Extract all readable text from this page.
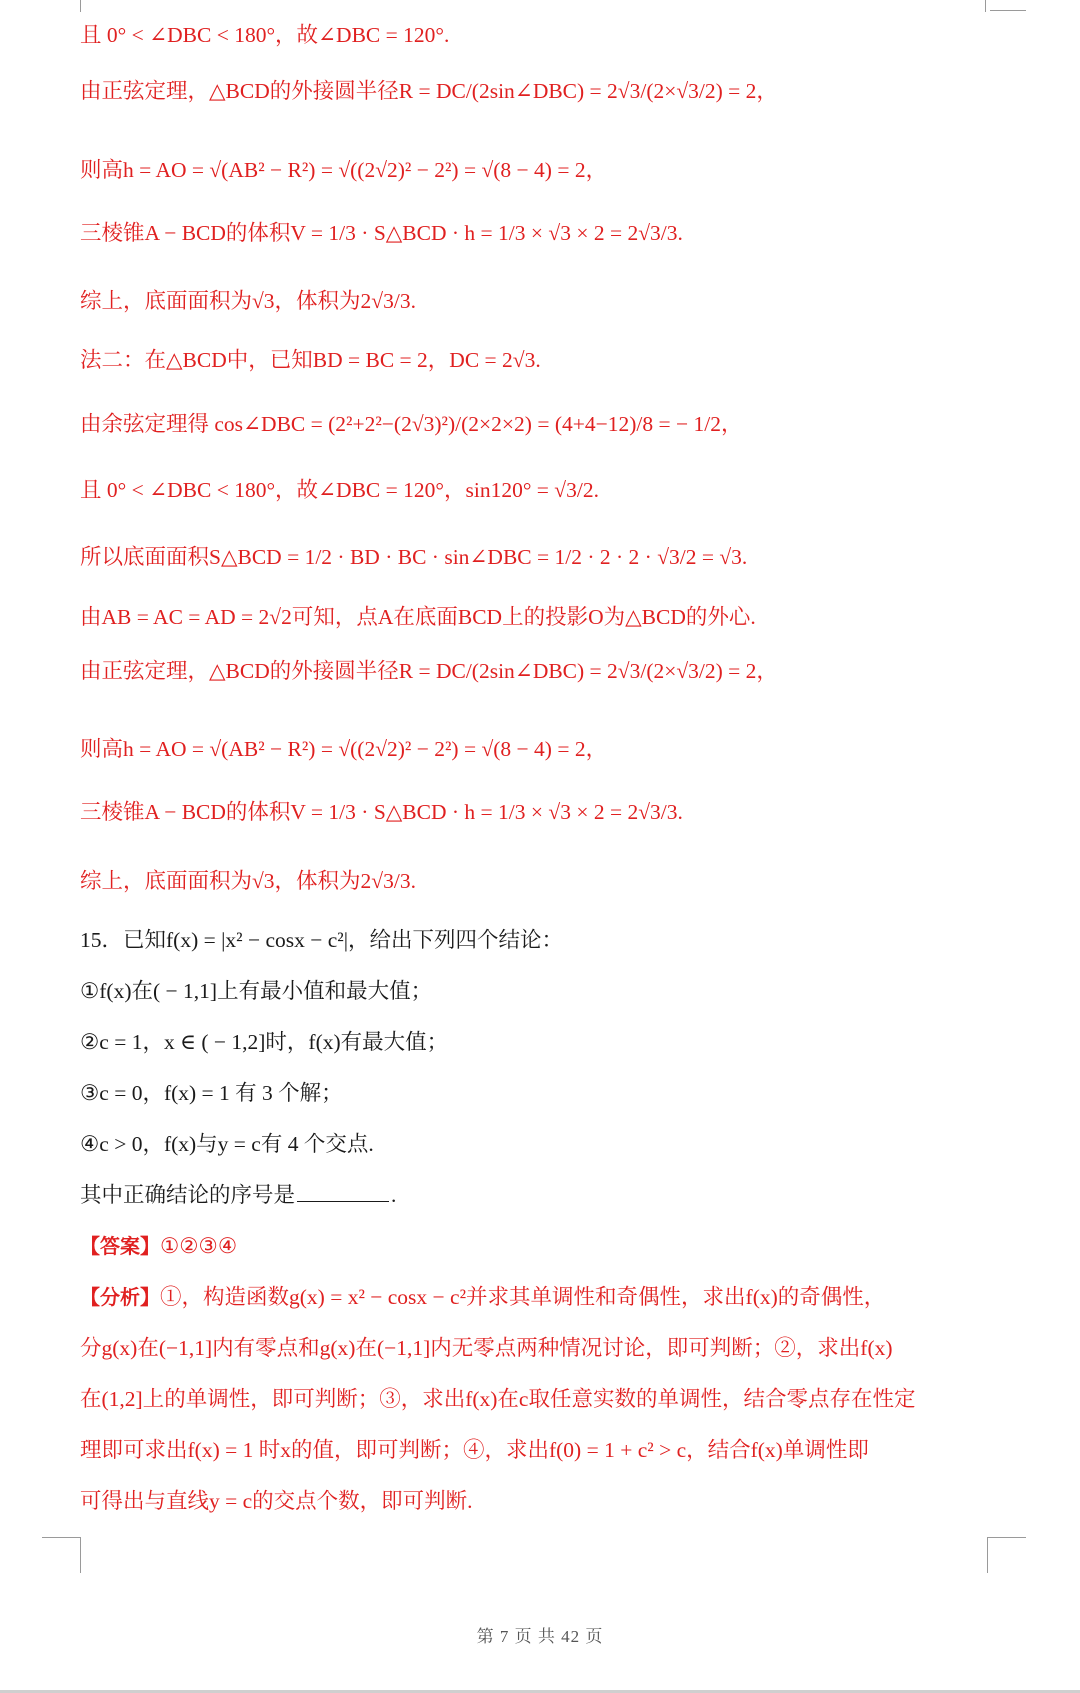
且 0° < ∠DBC < 180°，故∠DBC = 120°.
由正弦定理，△BCD的外接圆半径R = DC/(2sin∠DBC) = 2√3/(2×√3/2) = 2，
则高h = AO = √(AB² − R²) = √((2√2)² − 2²) = √(8 − 4) = 2，
三棱锥A − BCD的体积V = 1/3 · S△BCD · h = 1/3 × √3 × 2 = 2√3/3.
综上，底面面积为√3，体积为2√3/3.
法二：在△BCD中，已知BD = BC = 2，DC = 2√3.
由余弦定理得 cos∠DBC = (2²+2²−(2√3)²)/(2×2×2) = (4+4−12)/8 = − 1/2，
且 0° < ∠DBC < 180°，故∠DBC = 120°，sin120° = √3/2.
所以底面面积S△BCD = 1/2 · BD · BC · sin∠DBC = 1/2 · 2 · 2 · √3/2 = √3.
由AB = AC = AD = 2√2可知，点A在底面BCD上的投影O为△BCD的外心.
由正弦定理，△BCD的外接圆半径R = DC/(2sin∠DBC) = 2√3/(2×√3/2) = 2，
则高h = AO = √(AB² − R²) = √((2√2)² − 2²) = √(8 − 4) = 2，
三棱锥A − BCD的体积V = 1/3 · S△BCD · h = 1/3 × √3 × 2 = 2√3/3.
综上，底面面积为√3，体积为2√3/3.
15．已知f(x) = |x² − cosx − c²|，给出下列四个结论：
①f(x)在( − 1,1]上有最小值和最大值；
②c = 1，x ∈ ( − 1,2]时，f(x)有最大值；
③c = 0，f(x) = 1 有 3 个解；
④c > 0，f(x)与y = c有 4 个交点.
其中正确结论的序号是	.
【答案】①②③④
【分析】①，构造函数g(x) = x² − cosx − c²并求其单调性和奇偶性，求出f(x)的奇偶性，
分g(x)在(−1,1]内有零点和g(x)在(−1,1]内无零点两种情况讨论，即可判断；②，求出f(x)
在(1,2]上的单调性，即可判断；③，求出f(x)在c取任意实数的单调性，结合零点存在性定
理即可求出f(x) = 1 时x的值，即可判断；④，求出f(0) = 1 + c² > c，结合f(x)单调性即
可得出与直线y = c的交点个数，即可判断.
第 7 页 共 42 页
